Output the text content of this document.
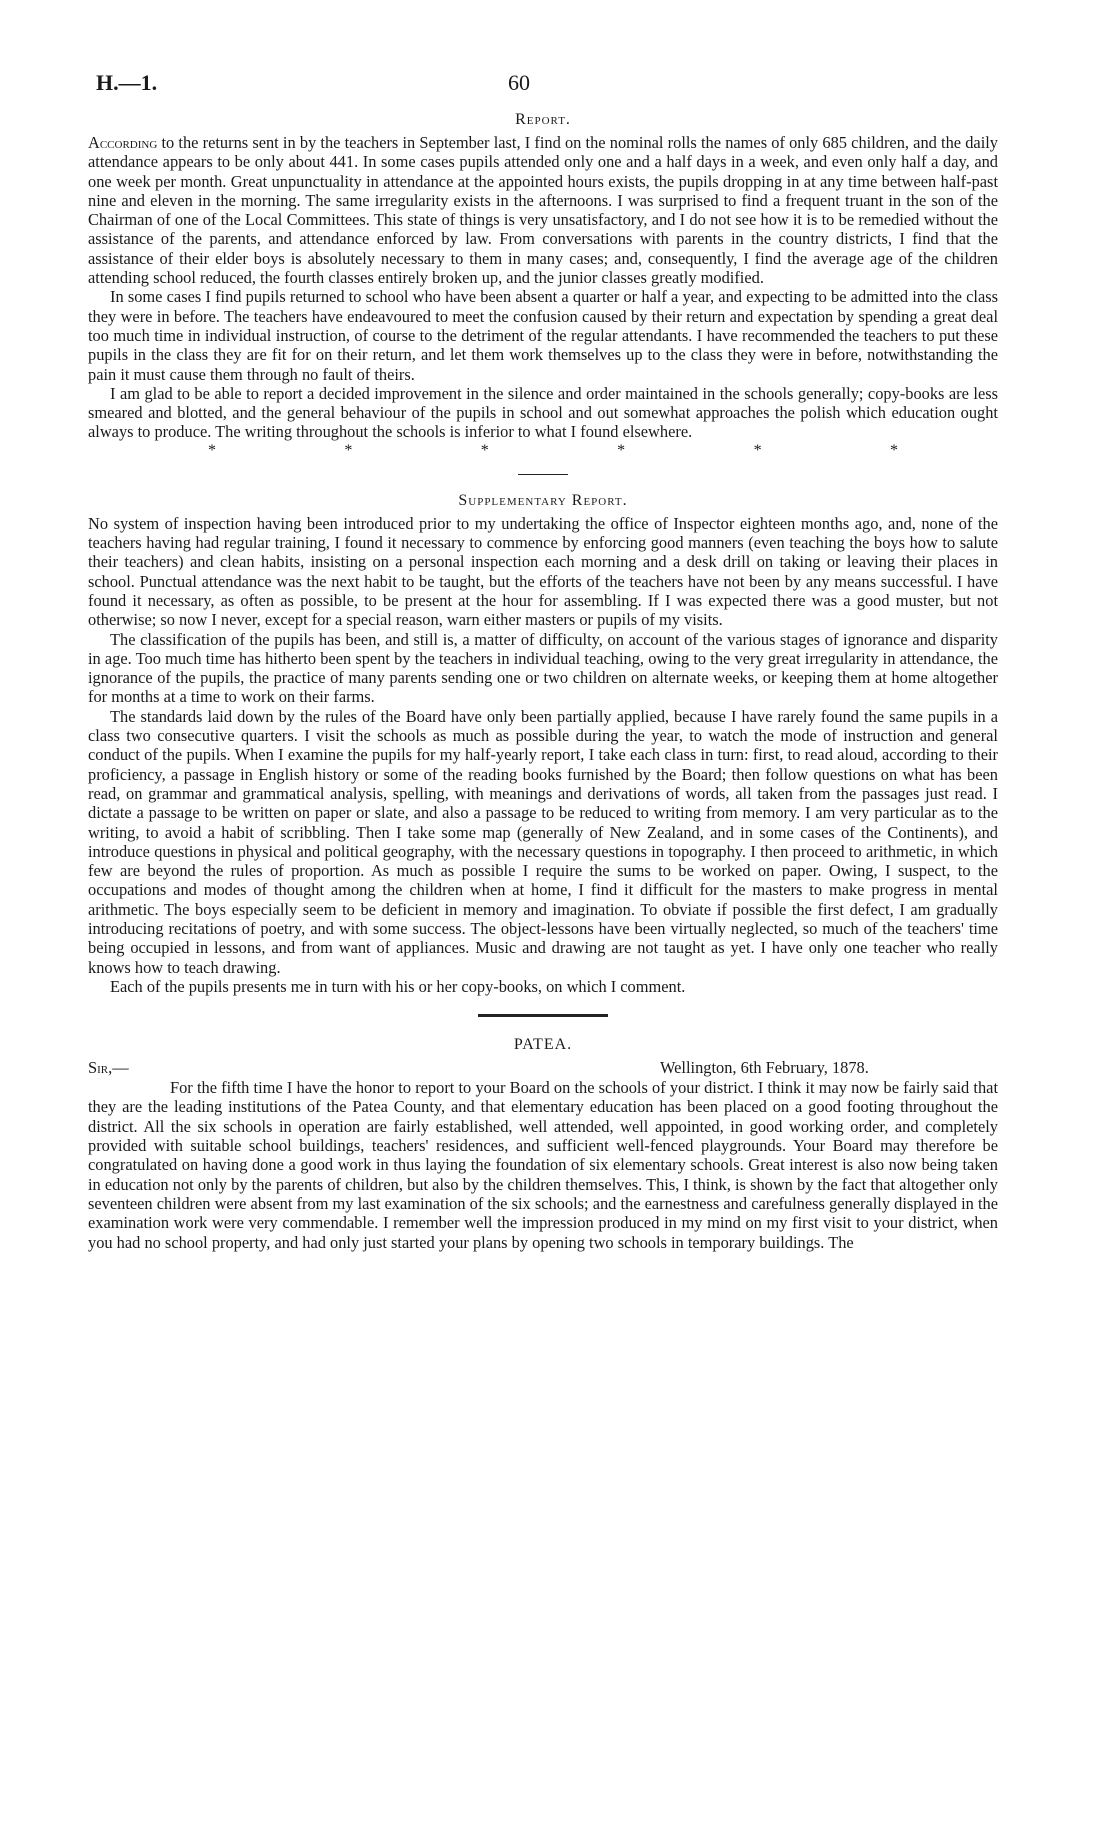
H.—1.	60
Report.

According to the returns sent in by the teachers in September last, I find on the nominal rolls the names of only 685 children, and the daily attendance appears to be only about 441. In some cases pupils attended only one and a half days in a week, and even only half a day, and one week per month. Great unpunctuality in attendance at the appointed hours exists, the pupils dropping in at any time between half-past nine and eleven in the morning. The same irregularity exists in the afternoons. I was surprised to find a frequent truant in the son of the Chairman of one of the Local Committees. This state of things is very unsatisfactory, and I do not see how it is to be remedied without the assistance of the parents, and attendance enforced by law. From conversations with parents in the country districts, I find that the assistance of their elder boys is absolutely necessary to them in many cases; and, consequently, I find the average age of the children attending school reduced, the fourth classes entirely broken up, and the junior classes greatly modified.

In some cases I find pupils returned to school who have been absent a quarter or half a year, and expecting to be admitted into the class they were in before. The teachers have endeavoured to meet the confusion caused by their return and expectation by spending a great deal too much time in individual instruction, of course to the detriment of the regular attendants. I have recommended the teachers to put these pupils in the class they are fit for on their return, and let them work themselves up to the class they were in before, notwithstanding the pain it must cause them through no fault of theirs.

I am glad to be able to report a decided improvement in the silence and order maintained in the schools generally; copy-books are less smeared and blotted, and the general behaviour of the pupils in school and out somewhat approaches the polish which education ought always to produce. The writing throughout the schools is inferior to what I found elsewhere.

*	*	*	*	*	*
Supplementary Report.

No system of inspection having been introduced prior to my undertaking the office of Inspector eighteen months ago, and, none of the teachers having had regular training, I found it necessary to commence by enforcing good manners (even teaching the boys how to salute their teachers) and clean habits, insisting on a personal inspection each morning and a desk drill on taking or leaving their places in school. Punctual attendance was the next habit to be taught, but the efforts of the teachers have not been by any means successful. I have found it necessary, as often as possible, to be present at the hour for assembling. If I was expected there was a good muster, but not otherwise; so now I never, except for a special reason, warn either masters or pupils of my visits.

The classification of the pupils has been, and still is, a matter of difficulty, on account of the various stages of ignorance and disparity in age. Too much time has hitherto been spent by the teachers in individual teaching, owing to the very great irregularity in attendance, the ignorance of the pupils, the practice of many parents sending one or two children on alternate weeks, or keeping them at home altogether for months at a time to work on their farms.

The standards laid down by the rules of the Board have only been partially applied, because I have rarely found the same pupils in a class two consecutive quarters. I visit the schools as much as possible during the year, to watch the mode of instruction and general conduct of the pupils. When I examine the pupils for my half-yearly report, I take each class in turn: first, to read aloud, according to their proficiency, a passage in English history or some of the reading books furnished by the Board; then follow questions on what has been read, on grammar and grammatical analysis, spelling, with meanings and derivations of words, all taken from the passages just read. I dictate a passage to be written on paper or slate, and also a passage to be reduced to writing from memory. I am very particular as to the writing, to avoid a habit of scribbling. Then I take some map (generally of New Zealand, and in some cases of the Continents), and introduce questions in physical and political geography, with the necessary questions in topography. I then proceed to arithmetic, in which few are beyond the rules of proportion. As much as possible I require the sums to be worked on paper. Owing, I suspect, to the occupations and modes of thought among the children when at home, I find it difficult for the masters to make progress in mental arithmetic. The boys especially seem to be deficient in memory and imagination. To obviate if possible the first defect, I am gradually introducing recitations of poetry, and with some success. The object-lessons have been virtually neglected, so much of the teachers' time being occupied in lessons, and from want of appliances. Music and drawing are not taught as yet. I have only one teacher who really knows how to teach drawing.

Each of the pupils presents me in turn with his or her copy-books, on which I comment.

PATEA.
Sir,—	Wellington, 6th February, 1878.

For the fifth time I have the honor to report to your Board on the schools of your district. I think it may now be fairly said that they are the leading institutions of the Patea County, and that elementary education has been placed on a good footing throughout the district. All the six schools in operation are fairly established, well attended, well appointed, in good working order, and completely provided with suitable school buildings, teachers' residences, and sufficient well-fenced playgrounds. Your Board may therefore be congratulated on having done a good work in thus laying the foundation of six elementary schools. Great interest is also now being taken in education not only by the parents of children, but also by the children themselves. This, I think, is shown by the fact that altogether only seventeen children were absent from my last examination of the six schools; and the earnestness and carefulness generally displayed in the examination work were very commendable. I remember well the impression produced in my mind on my first visit to your district, when you had no school property, and had only just started your plans by opening two schools in temporary buildings. The
